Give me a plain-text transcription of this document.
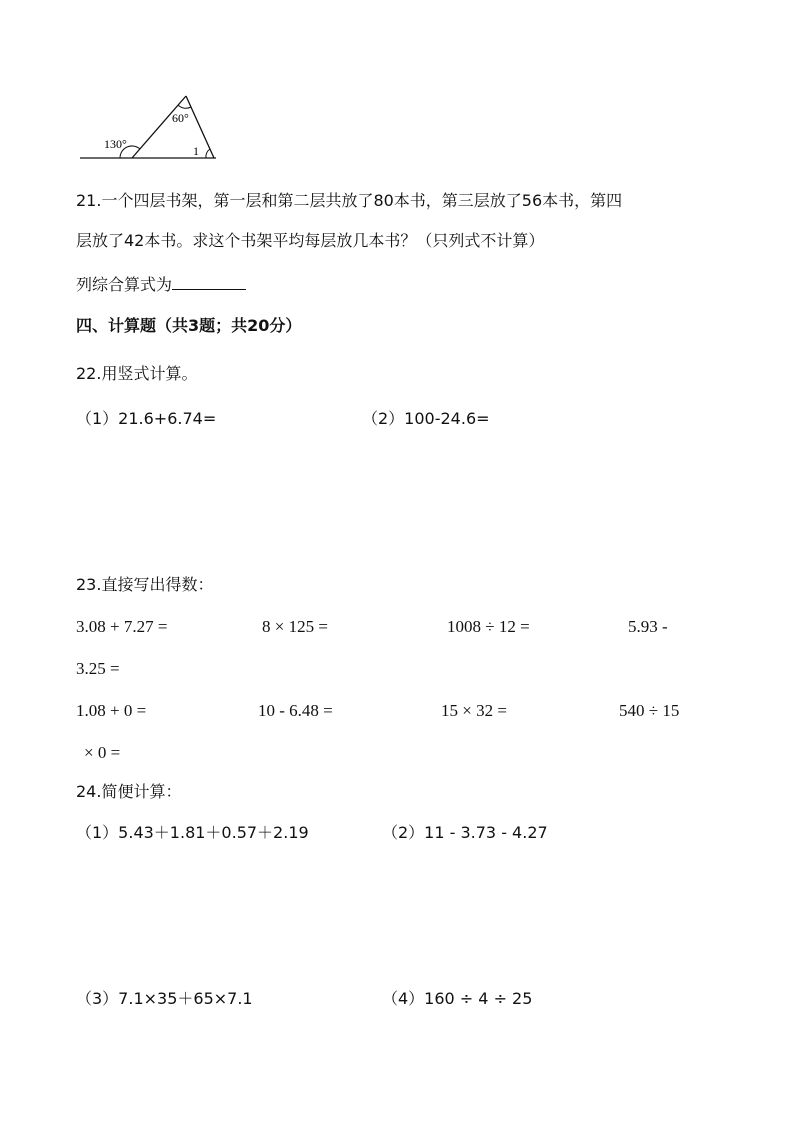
130°
60°
1
21.一个四层书架，第一层和第二层共放了80本书，第三层放了56本书，第四
层放了42本书。求这个书架平均每层放几本书？（只列式不计算）
列综合算式为
四、计算题（共3题；共20分）
22.用竖式计算。
（1）21.6+6.74=	（2）100-24.6=
23.直接写出得数：
3.08 + 7.27 =	8 × 125 =	1008 ÷ 12 =	5.93 -
3.25 =
1.08 + 0 =	10 - 6.48 =	15 × 32 =	540 ÷ 15
× 0 =
24.简便计算：
（1）5.43＋1.81＋0.57＋2.19	（2）11 - 3.73 - 4.27
（3）7.1×35＋65×7.1	（4）160 ÷ 4 ÷ 25
